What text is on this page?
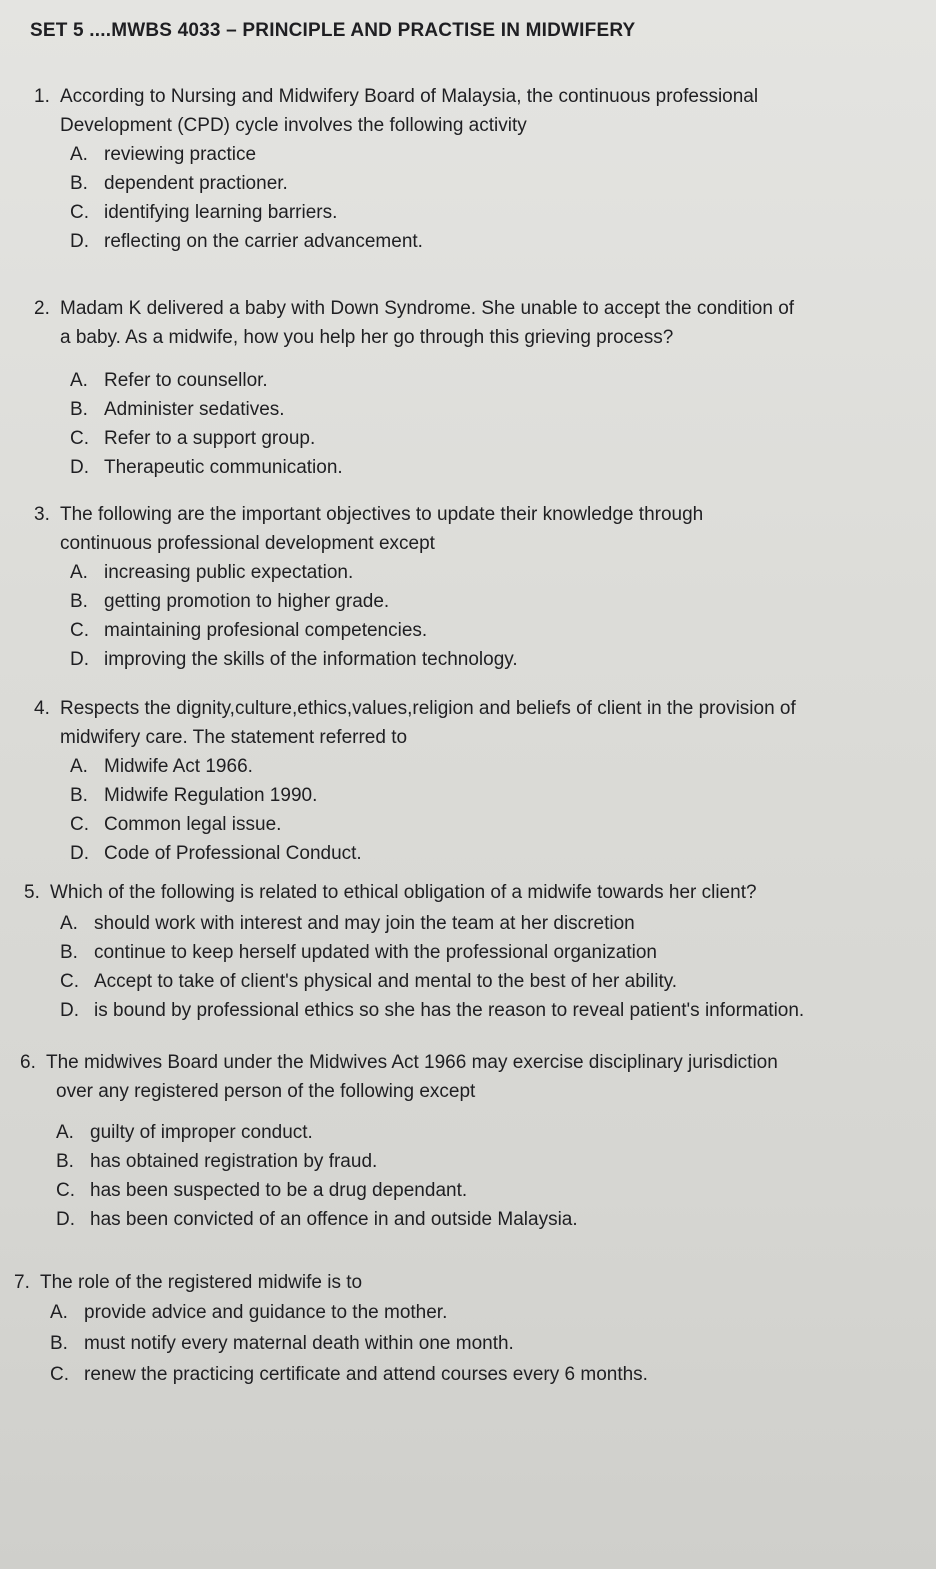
SET 5 ....MWBS 4033 – PRINCIPLE AND PRACTISE IN MIDWIFERY
1. According to Nursing and Midwifery Board of Malaysia, the continuous professional
Development (CPD) cycle involves the following activity
A. reviewing practice
B. dependent practioner.
C. identifying learning barriers.
D. reflecting on the carrier advancement.
2. Madam K delivered a baby with Down Syndrome. She unable to accept the condition of
a baby. As a midwife, how you help her go through this grieving process?
A. Refer to counsellor.
B. Administer sedatives.
C. Refer to a support group.
D. Therapeutic communication.
3. The following are the important objectives to update their knowledge through
continuous professional development except
A. increasing public expectation.
B. getting promotion to higher grade.
C. maintaining profesional competencies.
D. improving the skills of the information technology.
4. Respects the dignity,culture,ethics,values,religion and beliefs of client in the provision of
midwifery care. The statement referred to
A. Midwife Act 1966.
B. Midwife Regulation 1990.
C. Common legal issue.
D. Code of Professional Conduct.
5. Which of the following is related to ethical obligation of a midwife towards her client?
A. should work with interest and may join the team at her discretion
B. continue to keep herself updated with the professional organization
C. Accept to take of client's physical and mental to the best of her ability.
D. is bound by professional ethics so she has the reason to reveal patient's information.
6. The midwives Board under the Midwives Act 1966 may exercise disciplinary jurisdiction
over any registered person of the following except
A. guilty of improper conduct.
B. has obtained registration by fraud.
C. has been suspected to be a drug dependant.
D. has been convicted of an offence in and outside Malaysia.
7. The role of the registered midwife is to
A. provide advice and guidance to the mother.
B. must notify every maternal death within one month.
C. renew the practicing certificate and attend courses every 6 months.
